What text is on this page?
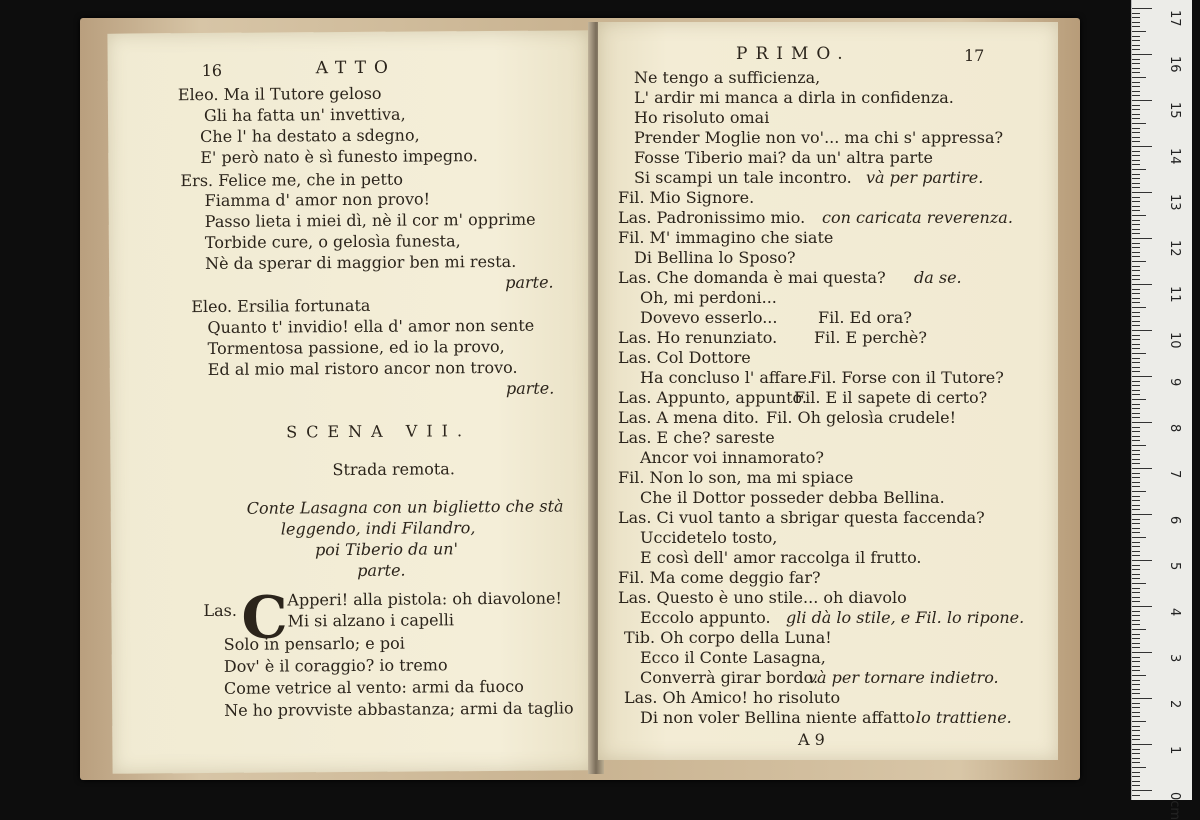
16	ATTO
Eleo. Ma il Tutore geloso
Gli ha fatta un' invettiva,
Che l' ha destato a sdegno,
E' però nato è sì funesto impegno.
Ers. Felice me, che in petto
Fiamma d' amor non provo!
Passo lieta i miei dì, nè il cor m' opprime
Torbide cure, o gelosìa funesta,
Nè da sperar di maggior ben mi resta.
parte.
Eleo. Ersilia fortunata
Quanto t' invidio! ella d' amor non sente
Tormentosa passione, ed io la provo,
Ed al mio mal ristoro ancor non trovo.
parte.
SCENA VII.
Strada remota.
Conte Lasagna con un biglietto che stà
leggendo, indi Filandro,
poi Tiberio da un'
parte.
Las. C Apperi! alla pistola: oh diavolone!
Mi si alzano i capelli
Solo in pensarlo; e poi
Dov' è il coraggio? io tremo
Come vetrice al vento: armi da fuoco
Ne ho provviste abbastanza; armi da taglio
PRIMO.	17
Ne tengo a sufficienza,
L' ardir mi manca a dirla in confidenza.
Ho risoluto omai
Prender Moglie non vo'... ma chi s' appressa?
Fosse Tiberio mai? da un' altra parte
Si scampi un tale incontro. và per partire.
Fil. Mio Signore.
Las. Padronissimo mio. con caricata reverenza.
Fil. M' immagino che siate
Di Bellina lo Sposo?
Las. Che domanda è mai questa? da se.
Oh, mi perdoni...
Dovevo esserlo...	Fil. Ed ora?
Las. Ho renunziato. Fil. E perchè?
Las. Col Dottore
Ha concluso l' affare.
Fil. Forse con il Tutore?
Las. Appunto, appunto.
Fil. E il sapete di certo?
Las. A mena dito. Fil. Oh gelosìa crudele!
Las. E che? sareste
Ancor voi innamorato?
Fil. Non lo son, ma mi spiace
Che il Dottor posseder debba Bellina.
Las. Ci vuol tanto a sbrigar questa faccenda?
Uccidetelo tosto,
E così dell' amor raccolga il frutto.
Fil. Ma come deggio far?
Las. Questo è uno stile... oh diavolo
Eccolo appunto. gli dà lo stile, e Fil. lo ripone.
Tib. Oh corpo della Luna!
Ecco il Conte Lasagna,
Converrà girar bordo.
và per tornare indietro.
Las. Oh Amico! ho risoluto
Di non voler Bellina niente affatto.
lo trattiene.
A 9
17
16
15
14
13
12
11
10
9
8
7
6
5
4
3
2
1
0cm
